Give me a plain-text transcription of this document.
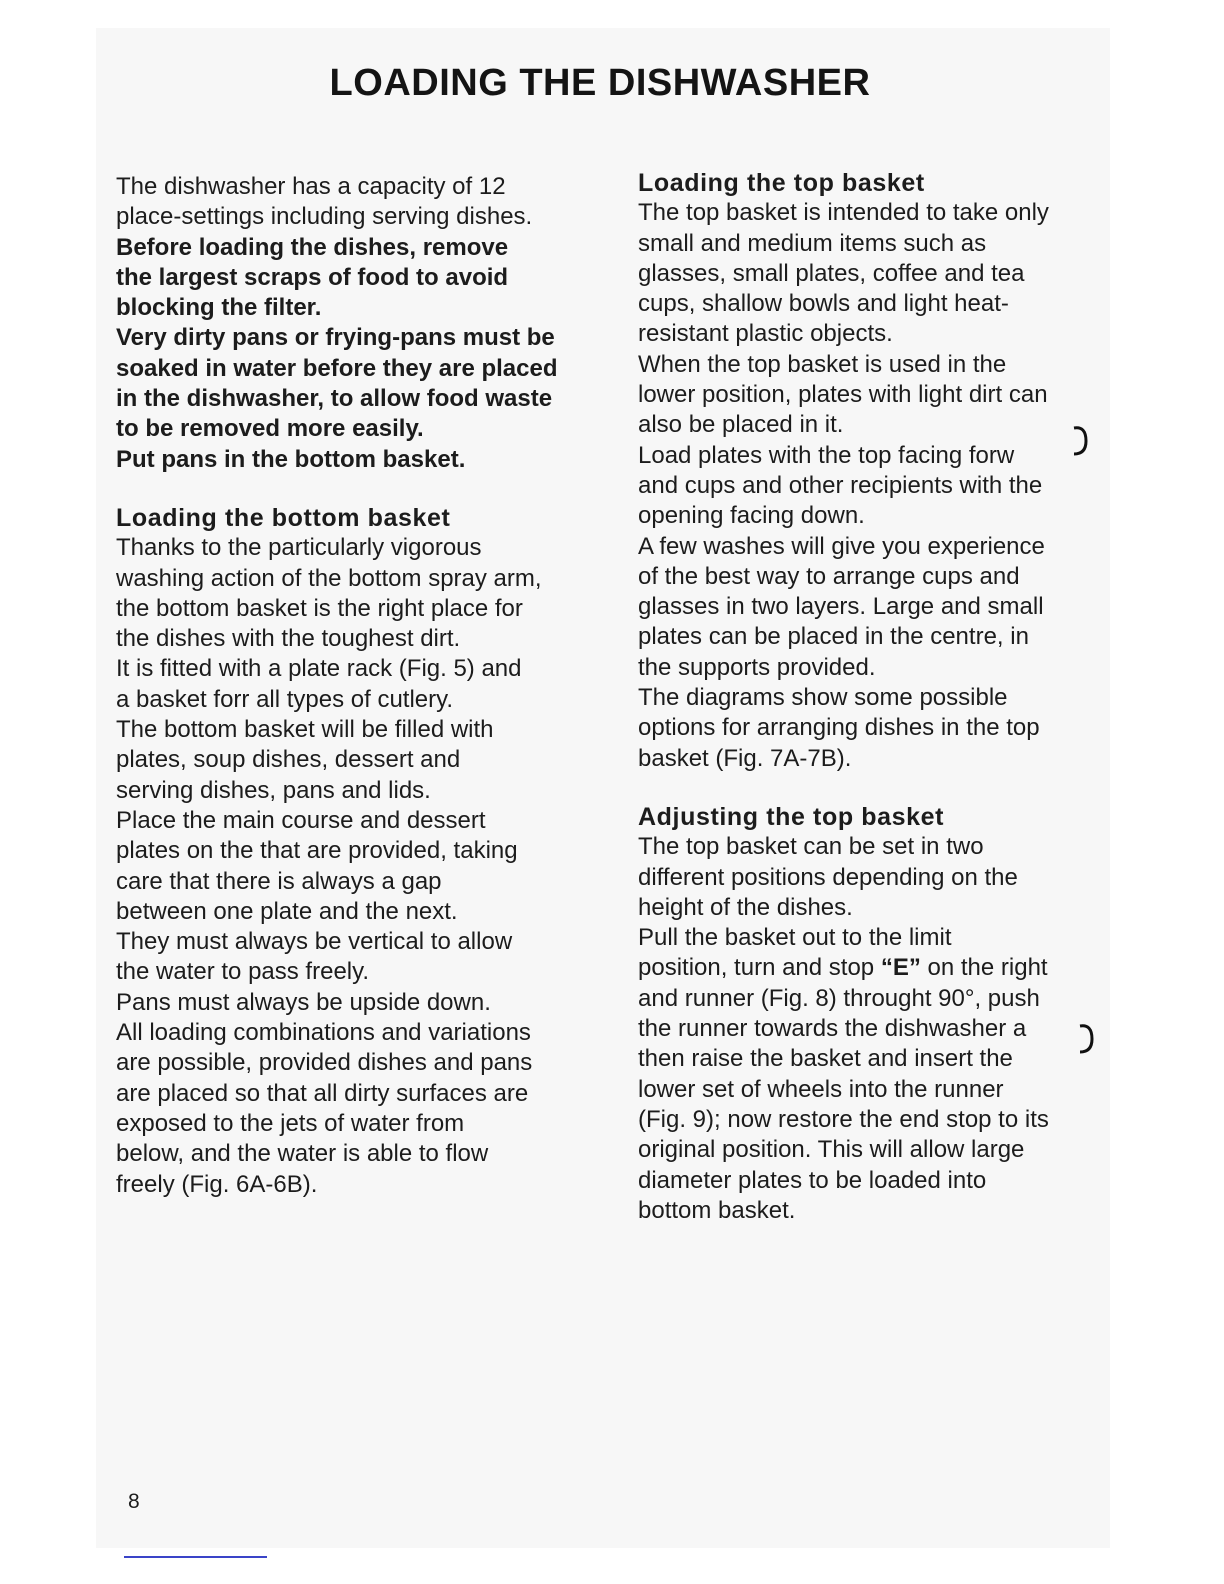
LOADING THE DISHWASHER

The dishwasher has a capacity of 12

place-settings including serving dishes.

Before loading the dishes, remove

the largest scraps of food to avoid

blocking the filter.

Very dirty pans or frying-pans must be

soaked in water before they are placed

in the dishwasher, to allow food waste

to be removed more easily.

Put pans in the bottom basket.

Loading the bottom basket

Thanks to the particularly vigorous

washing action of the bottom spray arm,

the bottom basket is the right place for

the dishes with the toughest dirt.

It is fitted with a plate rack (Fig. 5) and

a basket forr all types of cutlery.

The bottom basket will be filled with

plates, soup dishes, dessert and

serving dishes, pans and lids.

Place the main course and dessert

plates on the that are provided, taking

care that there is always a gap

between one plate and the next.

They must always be vertical to allow

the water to pass freely.

Pans must always be upside down.

All loading combinations and variations

are possible, provided dishes and pans

are placed so that all dirty surfaces are

exposed to the jets of water from

below, and the water is able to flow

freely (Fig. 6A-6B).

Loading the top basket

The top basket is intended to take only

small and medium items such as

glasses, small plates, coffee and tea

cups, shallow bowls and light heat-

resistant plastic objects.

When the top basket is used in the

lower position, plates with light dirt can

also be placed in it.

Load plates with the top facing forw

and cups and other recipients with the

opening facing down.

A few washes will give you experience

of the best way to arrange cups and

glasses in two layers. Large and small

plates can be placed in the centre, in

the supports provided.

The diagrams show some possible

options for arranging dishes in the top

basket (Fig. 7A-7B).

Adjusting the top basket

The top basket can be set in two

different positions depending on the

height of the dishes.

Pull the basket out to the limit

position, turn and stop “E” on the right

and runner (Fig. 8) throught 90°, push

the runner towards the dishwasher a

then raise the basket and insert the

lower set of wheels into the runner

(Fig. 9); now restore the end stop to its

original position. This will allow large

diameter plates to be loaded into

bottom basket.

8
